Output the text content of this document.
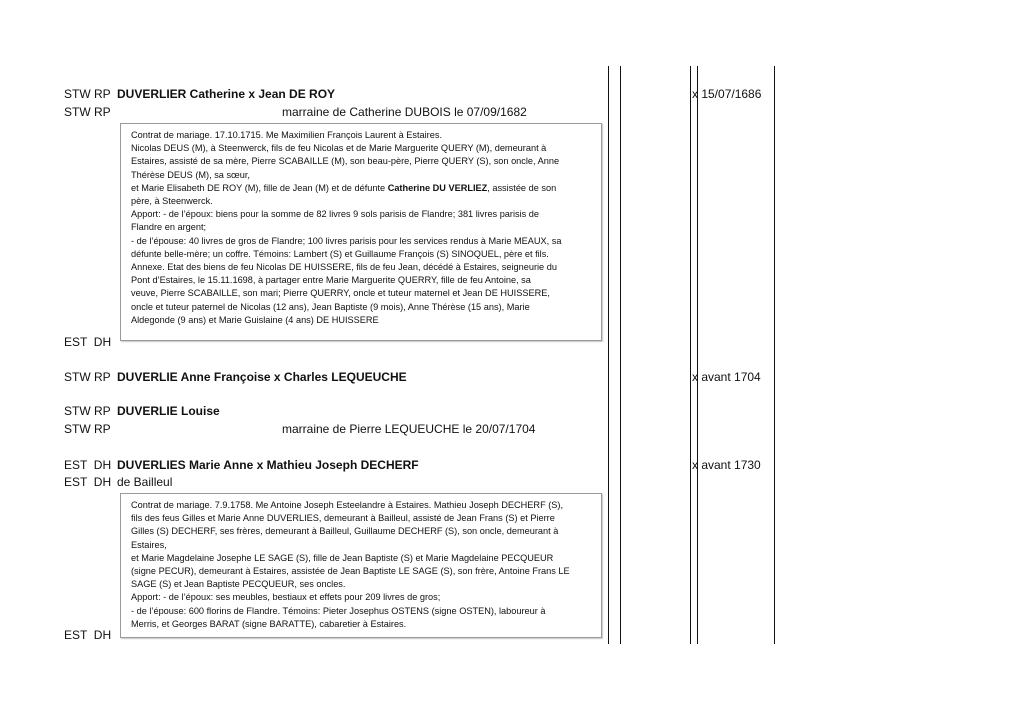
STW RP DUVERLIER Catherine x Jean DE ROY	x 15/07/1686
STW RP	marraine de Catherine DUBOIS le 07/09/1682

Contrat de mariage. 17.10.1715. Me Maximilien François Laurent à Estaires.

Nicolas DEUS (M), à Steenwerck, fils de feu Nicolas et de Marie Marguerite QUERY (M), demeurant à

Estaires, assisté de sa mère, Pierre SCABAILLE (M), son beau-père, Pierre QUERY (S), son oncle, Anne

Thérèse DEUS (M), sa sœur,

et Marie Elisabeth DE ROY (M), fille de Jean (M) et de défunte Catherine DU VERLIEZ, assistée de son

père, à Steenwerck.

Apport: - de l’époux: biens pour la somme de 82 livres 9 sols parisis de Flandre; 381 livres parisis de

Flandre en argent;

- de l’épouse: 40 livres de gros de Flandre; 100 livres parisis pour les services rendus à Marie MEAUX, sa

défunte belle-mère; un coffre. Témoins: Lambert (S) et Guillaume François (S) SINOQUEL, père et fils.

Annexe. Etat des biens de feu Nicolas DE HUISSERE, fils de feu Jean, décédé à Estaires, seigneurie du

Pont d’Estaires, le 15.11.1698, à partager entre Marie Marguerite QUERRY, fille de feu Antoine, sa

veuve, Pierre SCABAILLE, son mari; Pierre QUERRY, oncle et tuteur maternel et Jean DE HUISSERE,

oncle et tuteur paternel de Nicolas (12 ans), Jean Baptiste (9 mois), Anne Thérèse (15 ans), Marie

Aldegonde (9 ans) et Marie Guislaine (4 ans) DE HUISSERE

EST  DH
STW RP DUVERLIE Anne Françoise x Charles LEQUEUCHE	x avant 1704
STW RP DUVERLIE Louise
STW RP	marraine de Pierre LEQUEUCHE le 20/07/1704
EST  DH DUVERLIES Marie Anne x Mathieu Joseph DECHERF	x avant 1730
EST  DH de Bailleul

Contrat de mariage. 7.9.1758. Me Antoine Joseph Esteelandre à Estaires. Mathieu Joseph DECHERF (S),

fils des feus Gilles et Marie Anne DUVERLIES, demeurant à Bailleul, assisté de Jean Frans (S) et Pierre

Gilles (S) DECHERF, ses frères, demeurant à Bailleul, Guillaume DECHERF (S), son oncle, demeurant à

Estaires,

et Marie Magdelaine Josephe LE SAGE (S), fille de Jean Baptiste (S) et Marie Magdelaine PECQUEUR

(signe PECUR), demeurant à Estaires, assistée de Jean Baptiste LE SAGE (S), son frère, Antoine Frans LE

SAGE (S) et Jean Baptiste PECQUEUR, ses oncles.

Apport: - de l’époux: ses meubles, bestiaux et effets pour 209 livres de gros;

- de l’épouse: 600 florins de Flandre. Témoins: Pieter Josephus OSTENS (signe OSTEN), laboureur à

Merris, et Georges BARAT (signe BARATTE), cabaretier à Estaires.

EST  DH
